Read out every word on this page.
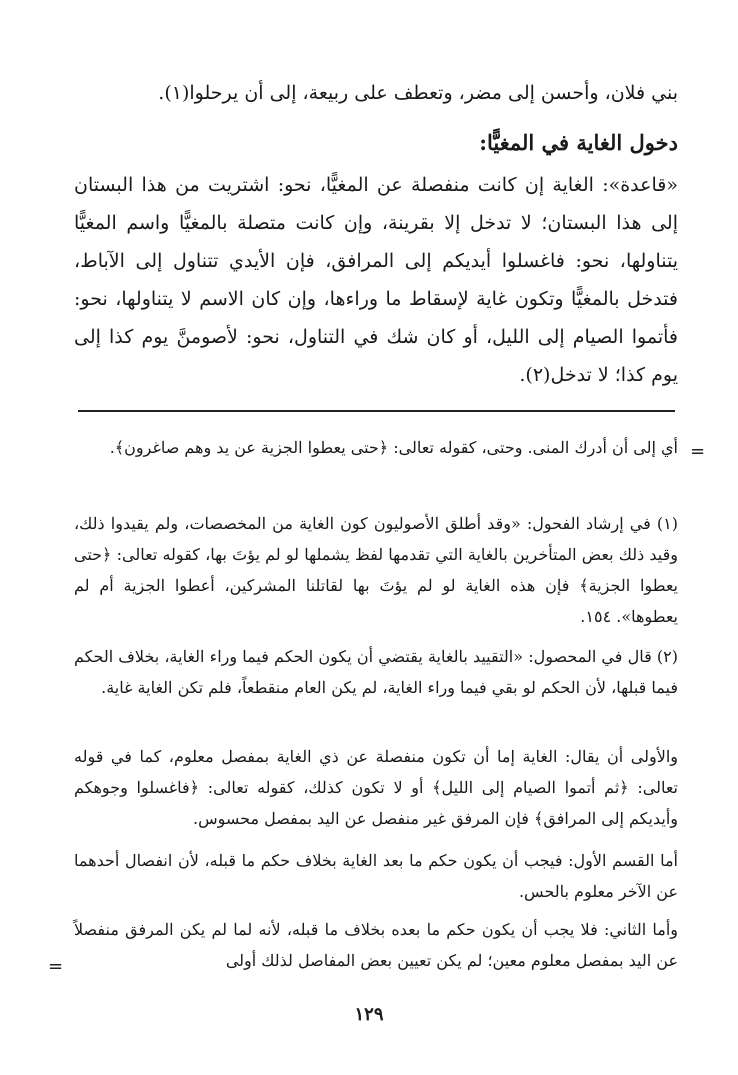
بني فلان، وأحسن إلى مضر، وتعطف على ربيعة، إلى أن يرحلوا(١).
دخول الغاية في المغيًّا:
«قاعدة»: الغاية إن كانت منفصلة عن المغيًّا، نحو: اشتريت من هذا البستان إلى هذا البستان؛ لا تدخل إلا بقرينة، وإن كانت متصلة بالمغيًّا واسم المغيًّا يتناولها، نحو: فاغسلوا أيديكم إلى المرافق، فإن الأيدي تتناول إلى الآباط، فتدخل بالمغيًّا وتكون غاية لإسقاط ما وراءها، وإن كان الاسم لا يتناولها، نحو: فأتموا الصيام إلى الليل، أو كان شك في التناول، نحو: لأصومنَّ يوم كذا إلى يوم كذا؛ لا تدخل(٢).
=
أي إلى أن أدرك المنى. وحتى، كقوله تعالى: ﴿حتى يعطوا الجزية عن يد وهم صاغرون﴾.
(١) في إرشاد الفحول: «وقد أطلق الأصوليون كون الغاية من المخصصات، ولم يقيدوا ذلك، وقيد ذلك بعض المتأخرين بالغاية التي تقدمها لفظ يشملها لو لم يؤتَ بها، كقوله تعالى: ﴿حتى يعطوا الجزية﴾ فإن هذه الغاية لو لم يؤتَ بها لقاتلنا المشركين، أعطوا الجزية أم لم يعطوها». ١٥٤.
(٢) قال في المحصول: «التقييد بالغاية يقتضي أن يكون الحكم فيما وراء الغاية، بخلاف الحكم فيما قبلها، لأن الحكم لو بقي فيما وراء الغاية، لم يكن العام منقطعاً، فلم تكن الغاية غاية.
والأولى أن يقال: الغاية إما أن تكون منفصلة عن ذي الغاية بمفصل معلوم، كما في قوله تعالى: ﴿ثم أتموا الصيام إلى الليل﴾ أو لا تكون كذلك، كقوله تعالى: ﴿فاغسلوا وجوهكم وأيديكم إلى المرافق﴾ فإن المرفق غير منفصل عن اليد بمفصل محسوس.
أما القسم الأول: فيجب أن يكون حكم ما بعد الغاية بخلاف حكم ما قبله، لأن انفصال أحدهما عن الآخر معلوم بالحس.
وأما الثاني: فلا يجب أن يكون حكم ما بعده بخلاف ما قبله، لأنه لما لم يكن المرفق منفصلاً عن اليد بمفصل معلوم معين؛ لم يكن تعيين بعض المفاصل لذلك أولى
=
١٢٩
